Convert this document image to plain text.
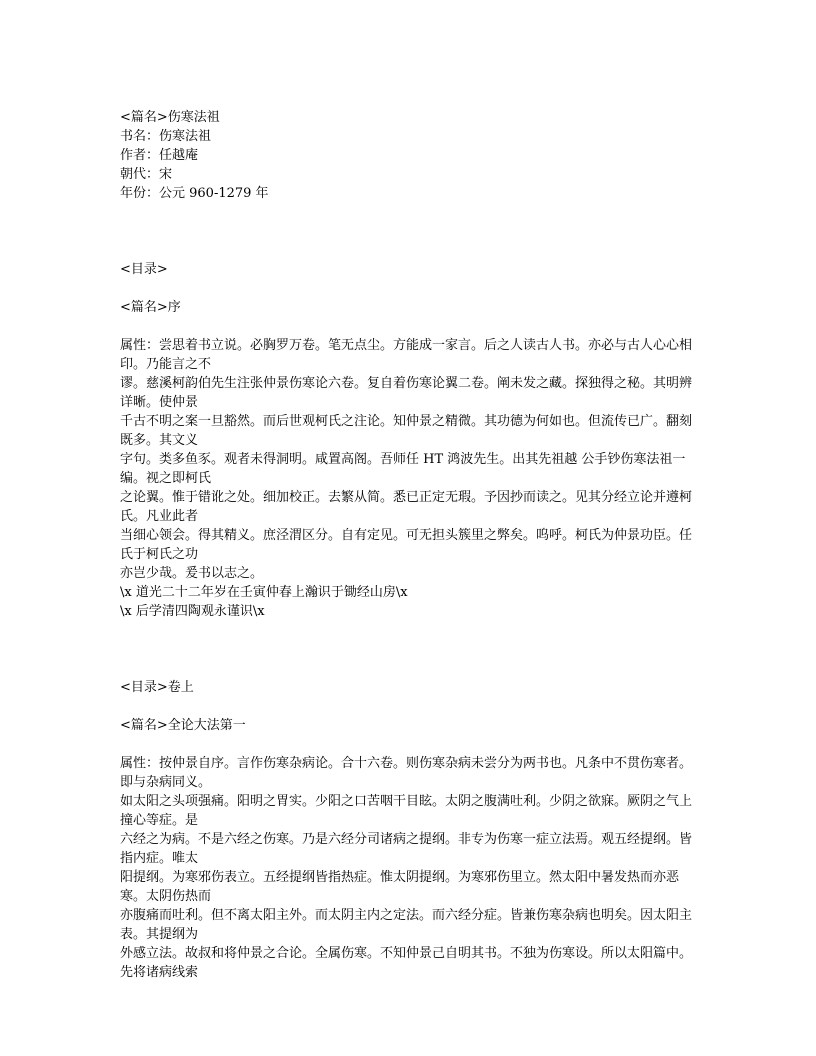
<篇名>伤寒法祖
书名：伤寒法祖
作者：任越庵
朝代：宋
年份：公元 960-1279 年
<目录>
<篇名>序
属性：尝思着书立说。必胸罗万卷。笔无点尘。方能成一家言。后之人读古人书。亦必与古人心心相印。乃能言之不
谬。慈溪柯韵伯先生注张仲景伤寒论六卷。复自着伤寒论翼二卷。阐未发之藏。探独得之秘。其明辨详晰。使仲景
千古不明之案一旦豁然。而后世观柯氏之注论。知仲景之精微。其功德为何如也。但流传已广。翻刻既多。其文义
字句。类多鱼豕。观者未得洞明。咸置高阁。吾师任 HT 鸿波先生。出其先祖越 公手钞伤寒法祖一编。视之即柯氏
之论翼。惟于错讹之处。细加校正。去繁从简。悉已正定无瑕。予因抄而读之。见其分经立论并遵柯氏。凡业此者
当细心领会。得其精义。庶泾渭区分。自有定见。可无担头簇里之弊矣。呜呼。柯氏为仲景功臣。任氏于柯氏之功
亦岂少哉。爰书以志之。
\x 道光二十二年岁在壬寅仲春上瀚识于锄经山房\x
\x 后学清四陶观永谨识\x
<目录>卷上
<篇名>全论大法第一
属性：按仲景自序。言作伤寒杂病论。合十六卷。则伤寒杂病未尝分为两书也。凡条中不贯伤寒者。即与杂病同义。
如太阳之头项强痛。阳明之胃实。少阳之口苦咽干目眩。太阴之腹满吐利。少阴之欲寐。厥阴之气上撞心等症。是
六经之为病。不是六经之伤寒。乃是六经分司诸病之提纲。非专为伤寒一症立法焉。观五经提纲。皆指内症。唯太
阳提纲。为寒邪伤表立。五经提纲皆指热症。惟太阴提纲。为寒邪伤里立。然太阳中暑发热而亦恶寒。太阴伤热而
亦腹痛而吐利。但不离太阳主外。而太阴主内之定法。而六经分症。皆兼伤寒杂病也明矣。因太阳主表。其提纲为
外感立法。故叔和将仲景之合论。全属伤寒。不知仲景己自明其书。不独为伤寒设。所以太阳篇中。先将诸病线索
